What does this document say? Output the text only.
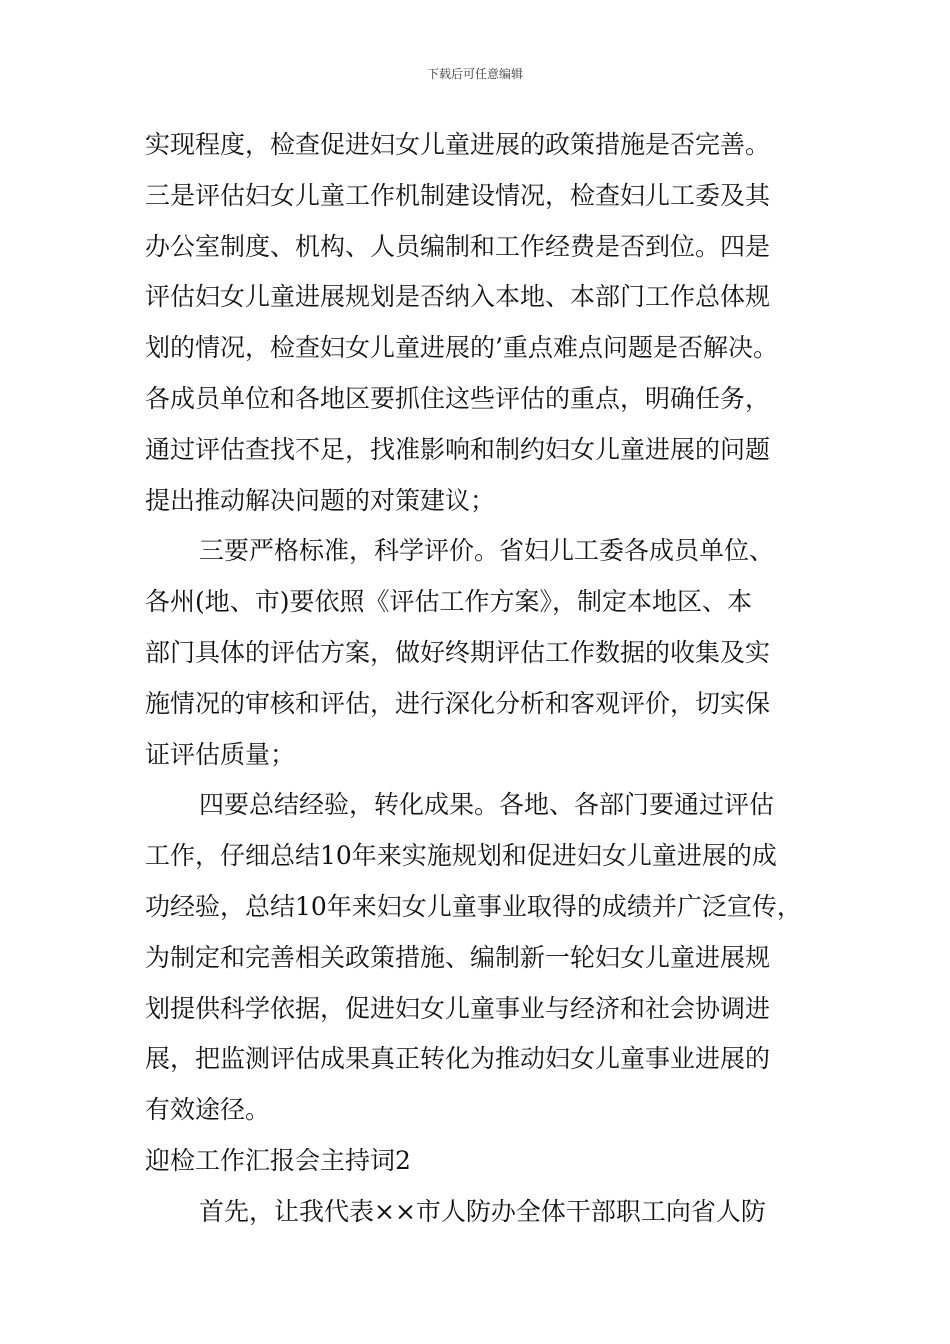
下载后可任意编辑
实现程度，检查促进妇女儿童进展的政策措施是否完善。
三是评估妇女儿童工作机制建设情况，检查妇儿工委及其
办公室制度、机构、人员编制和工作经费是否到位。四是
评估妇女儿童进展规划是否纳入本地、本部门工作总体规
划的情况，检查妇女儿童进展的’重点难点问题是否解决。
各成员单位和各地区要抓住这些评估的重点，明确任务，
通过评估查找不足，找准影响和制约妇女儿童进展的问题
提出推动解决问题的对策建议；
三要严格标准，科学评价。省妇儿工委各成员单位、
各州(地、市)要依照《评估工作方案》，制定本地区、本
部门具体的评估方案，做好终期评估工作数据的收集及实
施情况的审核和评估，进行深化分析和客观评价，切实保
证评估质量；
四要总结经验，转化成果。各地、各部门要通过评估
工作，仔细总结10年来实施规划和促进妇女儿童进展的成
功经验，总结10年来妇女儿童事业取得的成绩并广泛宣传，
为制定和完善相关政策措施、编制新一轮妇女儿童进展规
划提供科学依据，促进妇女儿童事业与经济和社会协调进
展，把监测评估成果真正转化为推动妇女儿童事业进展的
有效途径。
迎检工作汇报会主持词2
首先，让我代表××市人防办全体干部职工向省人防
